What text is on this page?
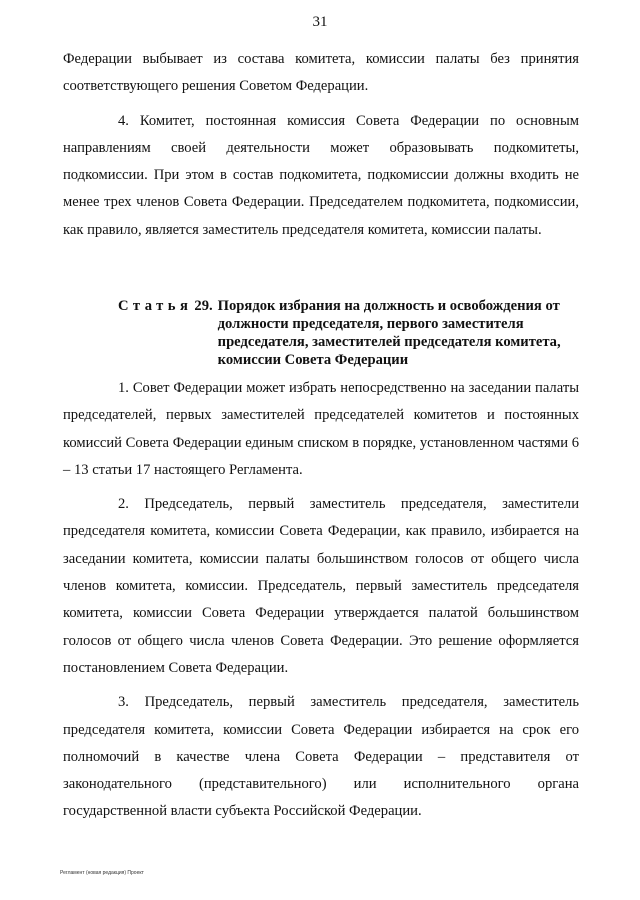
31

Федерации выбывает из состава комитета, комиссии палаты без принятия соответствующего решения Советом Федерации.

4. Комитет, постоянная комиссия Совета Федерации по основным направлениям своей деятельности может образовывать подкомитеты, подкомиссии. При этом в состав подкомитета, подкомиссии должны входить не менее трех членов Совета Федерации. Председателем подкомитета, подкомиссии, как правило, является заместитель председателя комитета, комиссии палаты.

Статья 29. Порядок избрания на должность и освобождения от должности председателя, первого заместителя председателя, заместителей председателя комитета, комиссии Совета Федерации

1. Совет Федерации может избрать непосредственно на заседании палаты председателей, первых заместителей председателей комитетов и постоянных комиссий Совета Федерации единым списком в порядке, установленном частями 6 – 13 статьи 17 настоящего Регламента.

2. Председатель, первый заместитель председателя, заместители председателя комитета, комиссии Совета Федерации, как правило, избирается на заседании комитета, комиссии палаты большинством голосов от общего числа членов комитета, комиссии. Председатель, первый заместитель председателя комитета, комиссии Совета Федерации утверждается палатой большинством голосов от общего числа членов Совета Федерации. Это решение оформляется постановлением Совета Федерации.

3. Председатель, первый заместитель председателя, заместитель председателя комитета, комиссии Совета Федерации избирается на срок его полномочий в качестве члена Совета Федерации – представителя от законодательного (представительного) или исполнительного органа государственной власти субъекта Российской Федерации.

Регламент (новая редакция) Проект
